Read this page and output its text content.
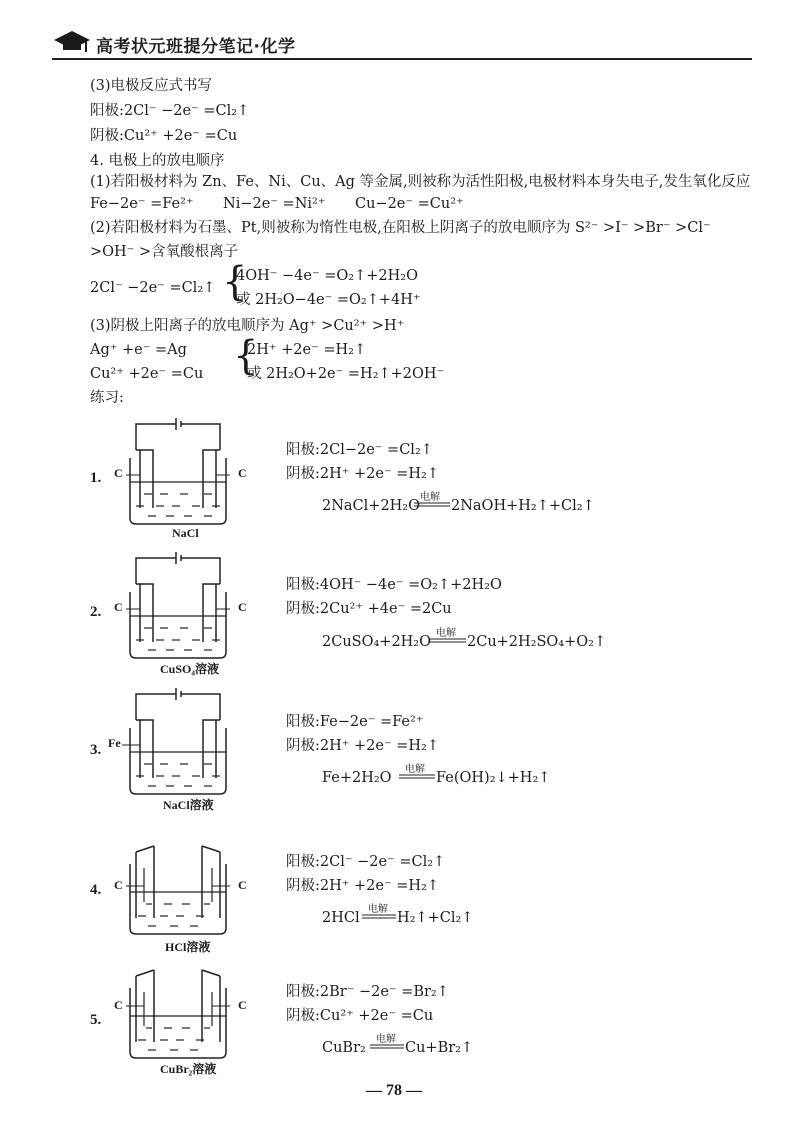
高考状元班提分笔记·化学
(3)电极反应式书写
阳极:2Cl⁻ −2e⁻ =Cl₂↑
阴极:Cu²⁺ +2e⁻ =Cu
4. 电极上的放电顺序
(1)若阳极材料为 Zn、Fe、Ni、Cu、Ag 等金属,则被称为活性阳极,电极材料本身失电子,发生氧化反应
Fe−2e⁻ =Fe²⁺ Ni−2e⁻ =Ni²⁺ Cu−2e⁻ =Cu²⁺
(2)若阳极材料为石墨、Pt,则被称为惰性电极,在阳极上阴离子的放电顺序为 S²⁻ >I⁻ >Br⁻ >Cl⁻
>OH⁻ >含氧酸根离子
2Cl⁻ −2e⁻ =Cl₂↑ {
4OH⁻ −4e⁻ =O₂↑+2H₂O
或 2H₂O−4e⁻ =O₂↑+4H⁺
(3)阴极上阳离子的放电顺序为 Ag⁺ >Cu²⁺ >H⁺
Ag⁺ +e⁻ =Ag
Cu²⁺ +2e⁻ =Cu {
2H⁺ +2e⁻ =H₂↑
或 2H₂O+2e⁻ =H₂↑+2OH⁻
练习:
1. C	C
NaCl
阳极:2Cl−2e⁻ =Cl₂↑
阴极:2H⁺ +2e⁻ =H₂↑
2NaCl+2H₂O
电解
2NaOH+H₂↑+Cl₂↑
2. C	C
CuSO₄溶液
阳极:4OH⁻ −4e⁻ =O₂↑+2H₂O
阴极:2Cu²⁺ +4e⁻ =2Cu
2CuSO₄+2H₂O
电解
2Cu+2H₂SO₄+O₂↑
3. Fe
NaCl溶液
阳极:Fe−2e⁻ =Fe²⁺
阴极:2H⁺ +2e⁻ =H₂↑
Fe+2H₂O
电解
Fe(OH)₂↓+H₂↑
4. C	C
HCl溶液
阳极:2Cl⁻ −2e⁻ =Cl₂↑
阴极:2H⁺ +2e⁻ =H₂↑
2HCl
电解
H₂↑+Cl₂↑
5.
C	C
CuBr₂溶液
阳极:2Br⁻ −2e⁻ =Br₂↑
阴极:Cu²⁺ +2e⁻ =Cu
CuBr₂
电解
Cu+Br₂↑
— 78 —
